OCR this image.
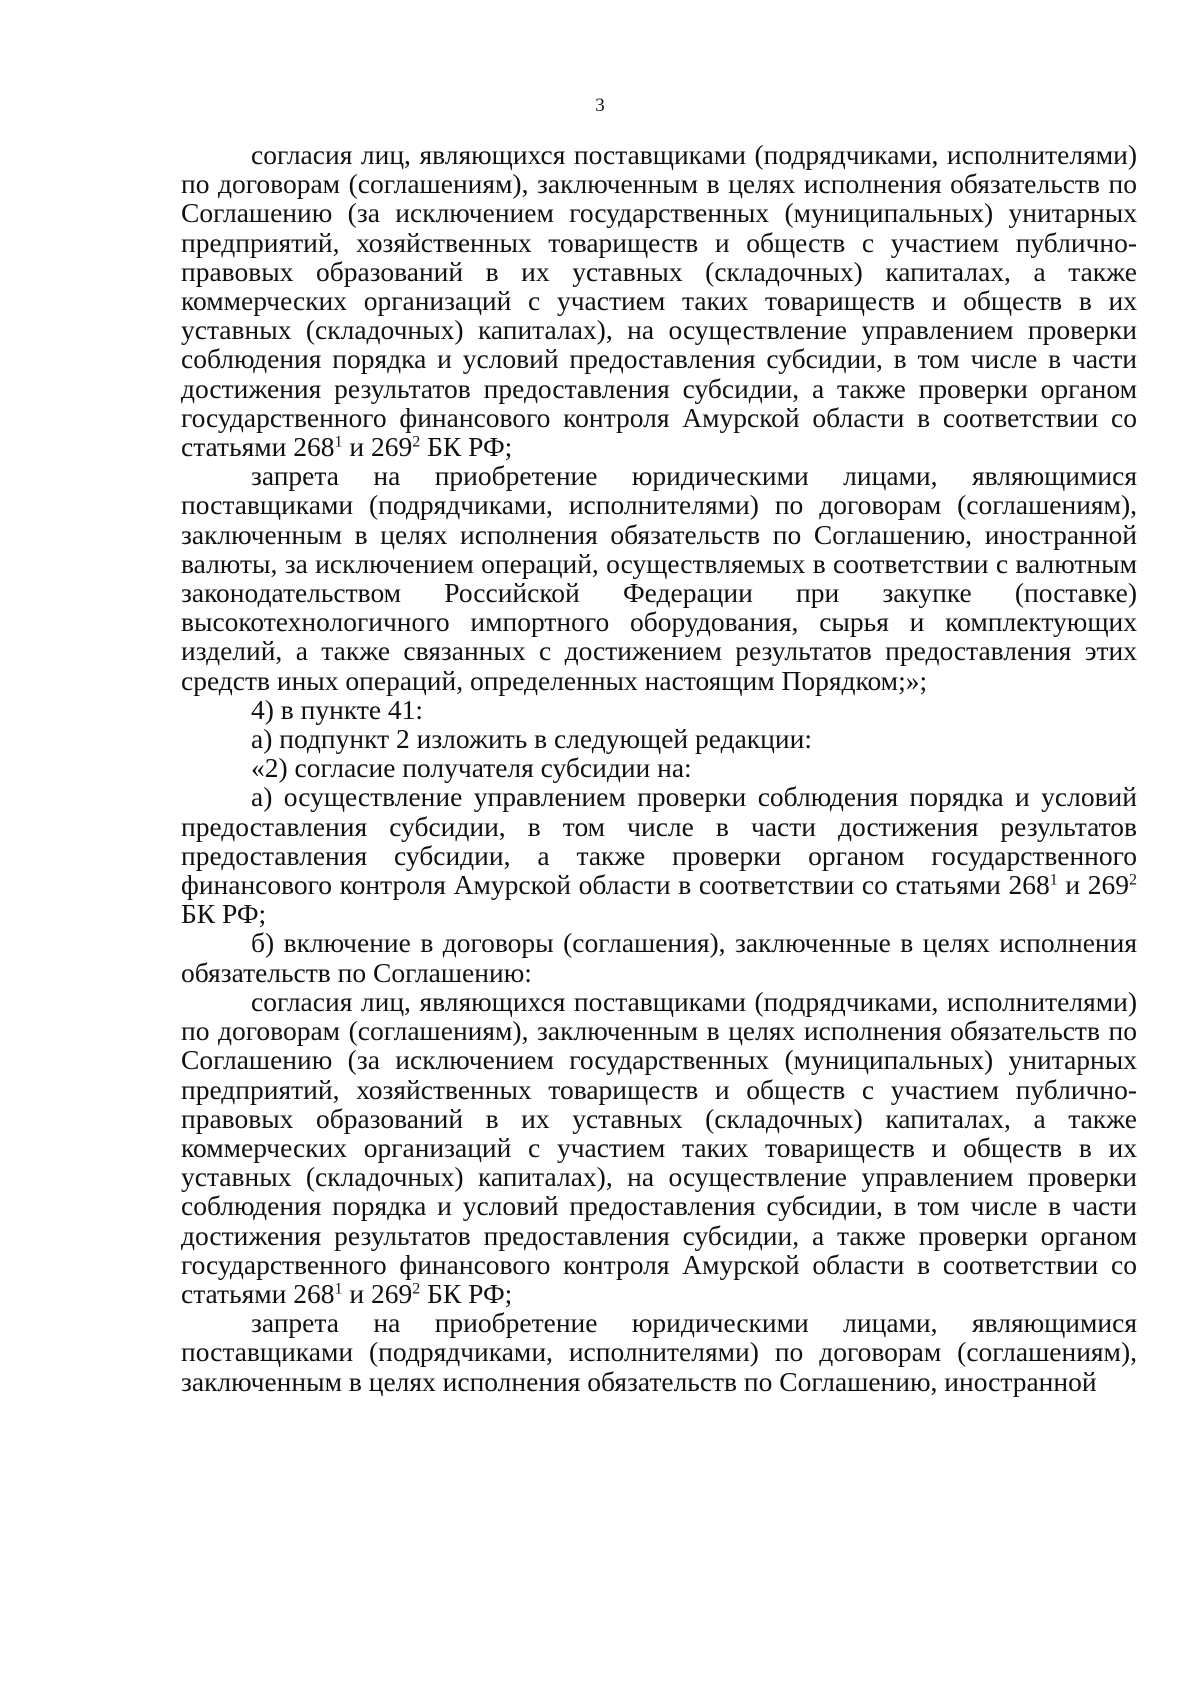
3

согласия лиц, являющихся поставщиками (подрядчиками, исполнителями) по договорам (соглашениям), заключенным в целях исполнения обязательств по Соглашению (за исключением государственных (муниципальных) унитарных предприятий, хозяйственных товариществ и обществ с участием публично-правовых образований в их уставных (складочных) капиталах, а также коммерческих организаций с участием таких товариществ и обществ в их уставных (складочных) капиталах), на осуществление управлением проверки соблюдения порядка и условий предоставления субсидии, в том числе в части достижения результатов предоставления субсидии, а также проверки органом государственного финансового контроля Амурской области в соответствии со статьями $268^1$ и $269^2$ БК РФ;

запрета на приобретение юридическими лицами, являющимися поставщиками (подрядчиками, исполнителями) по договорам (соглашениям), заключенным в целях исполнения обязательств по Соглашению, иностранной валюты, за исключением операций, осуществляемых в соответствии с валютным законодательством Российской Федерации при закупке (поставке) высокотехнологичного импортного оборудования, сырья и комплектующих изделий, а также связанных с достижением результатов предоставления этих средств иных операций, определенных настоящим Порядком;»;

4) в пункте 41:

а) подпункт 2 изложить в следующей редакции:

«2) согласие получателя субсидии на:

а) осуществление управлением проверки соблюдения порядка и условий предоставления субсидии, в том числе в части достижения результатов предоставления субсидии, а также проверки органом государственного финансового контроля Амурской области в соответствии со статьями $268^1$ и $269^2$ БК РФ;

б) включение в договоры (соглашения), заключенные в целях исполнения обязательств по Соглашению:

согласия лиц, являющихся поставщиками (подрядчиками, исполнителями) по договорам (соглашениям), заключенным в целях исполнения обязательств по Соглашению (за исключением государственных (муниципальных) унитарных предприятий, хозяйственных товариществ и обществ с участием публично-правовых образований в их уставных (складочных) капиталах, а также коммерческих организаций с участием таких товариществ и обществ в их уставных (складочных) капиталах), на осуществление управлением проверки соблюдения порядка и условий предоставления субсидии, в том числе в части достижения результатов предоставления субсидии, а также проверки органом государственного финансового контроля Амурской области в соответствии со статьями $268^1$ и $269^2$ БК РФ;

запрета на приобретение юридическими лицами, являющимися поставщиками (подрядчиками, исполнителями) по договорам (соглашениям), заключенным в целях исполнения обязательств по Соглашению, иностранной
